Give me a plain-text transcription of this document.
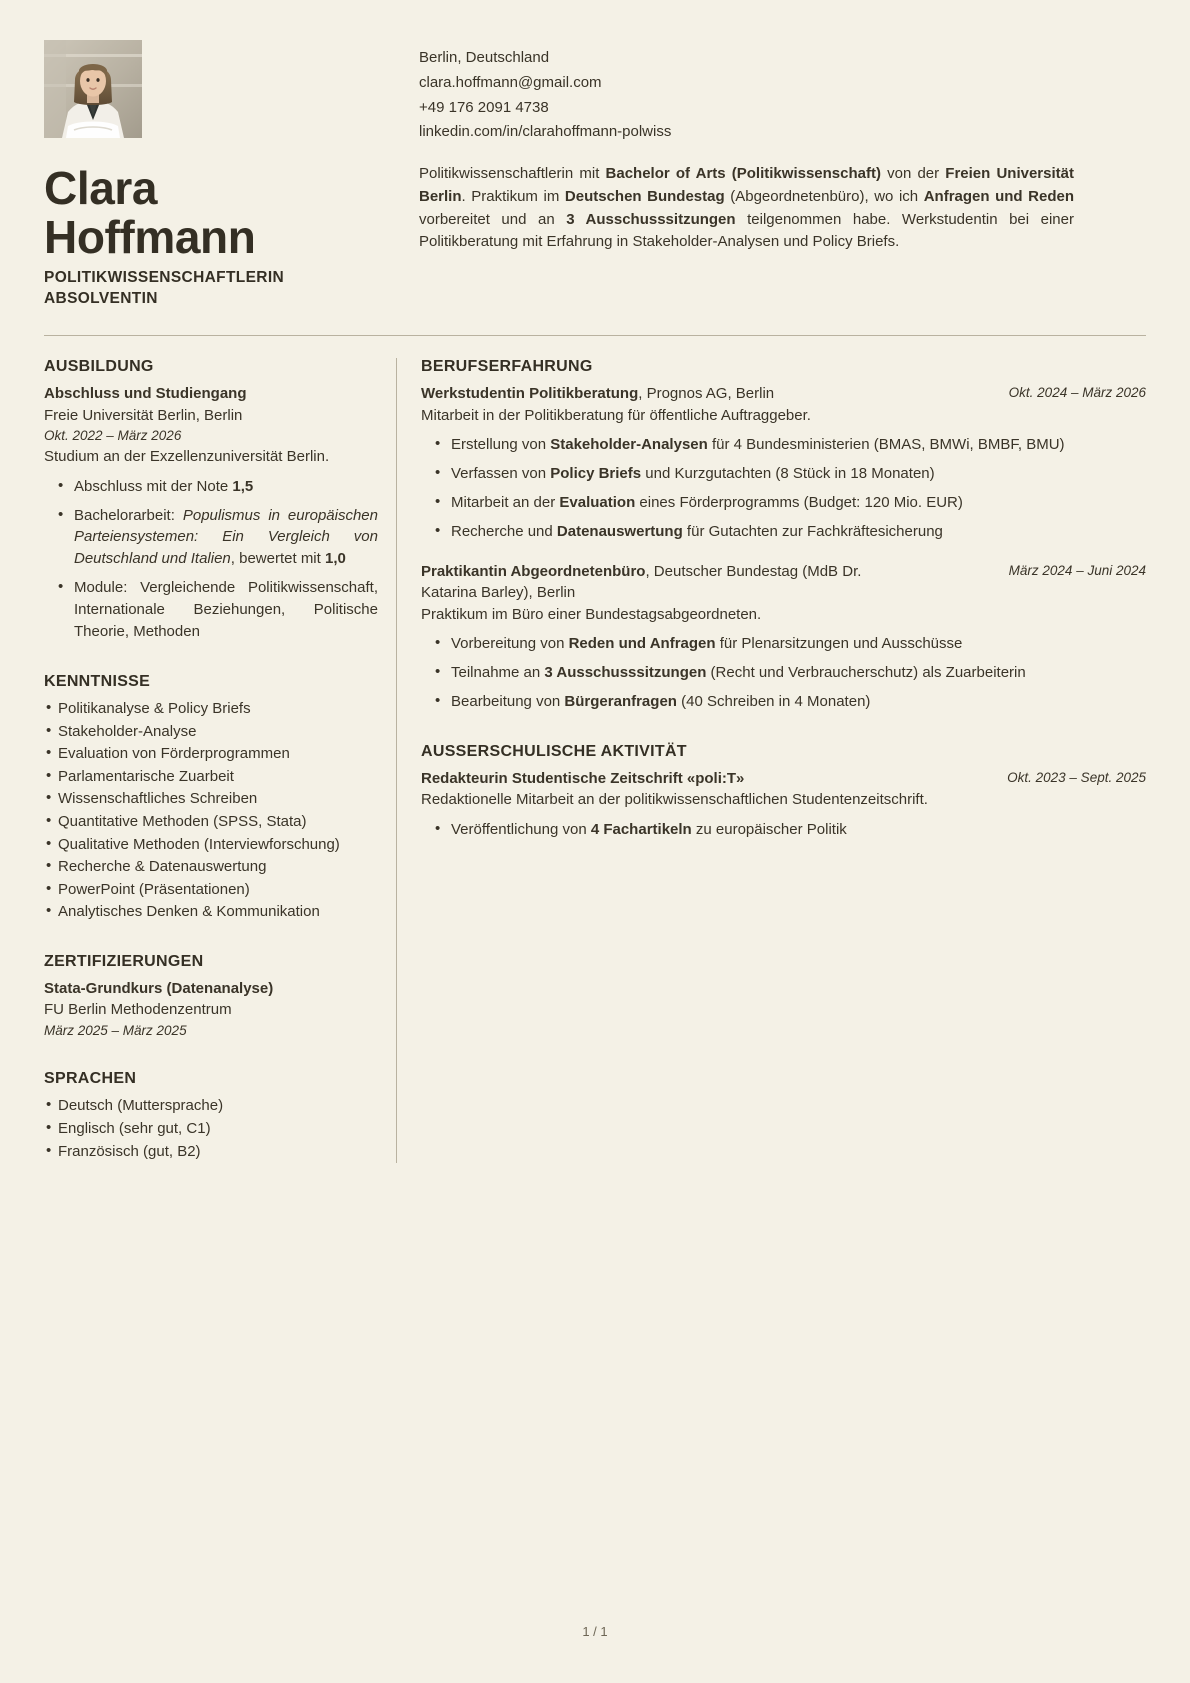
Clara
Hoffmann
POLITIKWISSENSCHAFTLERIN ABSOLVENTIN
Berlin, Deutschland
clara.hoffmann@gmail.com
+49 176 2091 4738
linkedin.com/in/clarahoffmann-polwiss
Politikwissenschaftlerin mit Bachelor of Arts (Politikwissenschaft) von der Freien Universität Berlin. Praktikum im Deutschen Bundestag (Abgeordnetenbüro), wo ich Anfragen und Reden vorbereitet und an 3 Ausschusssitzungen teilgenommen habe. Werkstudentin bei einer Politikberatung mit Erfahrung in Stakeholder-Analysen und Policy Briefs.
AUSBILDUNG
Abschluss und Studiengang
Freie Universität Berlin, Berlin
Okt. 2022 – März 2026
Studium an der Exzellenzuniversität Berlin.
• Abschluss mit der Note 1,5
• Bachelorarbeit: Populismus in europäischen Parteiensystemen: Ein Vergleich von Deutschland und Italien, bewertet mit 1,0
• Module: Vergleichende Politikwissenschaft, Internationale Beziehungen, Politische Theorie, Methoden
KENNTNISSE
• Politikanalyse & Policy Briefs
• Stakeholder-Analyse
• Evaluation von Förderprogrammen
• Parlamentarische Zuarbeit
• Wissenschaftliches Schreiben
• Quantitative Methoden (SPSS, Stata)
• Qualitative Methoden (Interviewforschung)
• Recherche & Datenauswertung
• PowerPoint (Präsentationen)
• Analytisches Denken & Kommunikation
ZERTIFIZIERUNGEN
Stata-Grundkurs (Datenanalyse)
FU Berlin Methodenzentrum
März 2025 – März 2025
SPRACHEN
• Deutsch (Muttersprache)
• Englisch (sehr gut, C1)
• Französisch (gut, B2)
BERUFSERFAHRUNG
Werkstudentin Politikberatung, Prognos AG, Berlin	Okt. 2024 – März 2026
Mitarbeit in der Politikberatung für öffentliche Auftraggeber.
• Erstellung von Stakeholder-Analysen für 4 Bundesministerien (BMAS, BMWi, BMBF, BMU)
• Verfassen von Policy Briefs und Kurzgutachten (8 Stück in 18 Monaten)
• Mitarbeit an der Evaluation eines Förderprogramms (Budget: 120 Mio. EUR)
• Recherche und Datenauswertung für Gutachten zur Fachkräftesicherung
Praktikantin Abgeordnetenbüro, Deutscher Bundestag (MdB Dr. Katarina Barley), Berlin
März 2024 – Juni 2024
Praktikum im Büro einer Bundestagsabgeordneten.
• Vorbereitung von Reden und Anfragen für Plenarsitzungen und Ausschüsse
• Teilnahme an 3 Ausschusssitzungen (Recht und Verbraucherschutz) als Zuarbeiterin
• Bearbeitung von Bürgeranfragen (40 Schreiben in 4 Monaten)
AUSSERSCHULISCHE AKTIVITÄT
Redakteurin Studentische Zeitschrift «poli:T»	Okt. 2023 – Sept. 2025
Redaktionelle Mitarbeit an der politikwissenschaftlichen Studentenzeitschrift.
• Veröffentlichung von 4 Fachartikeln zu europäischer Politik
1 / 1
